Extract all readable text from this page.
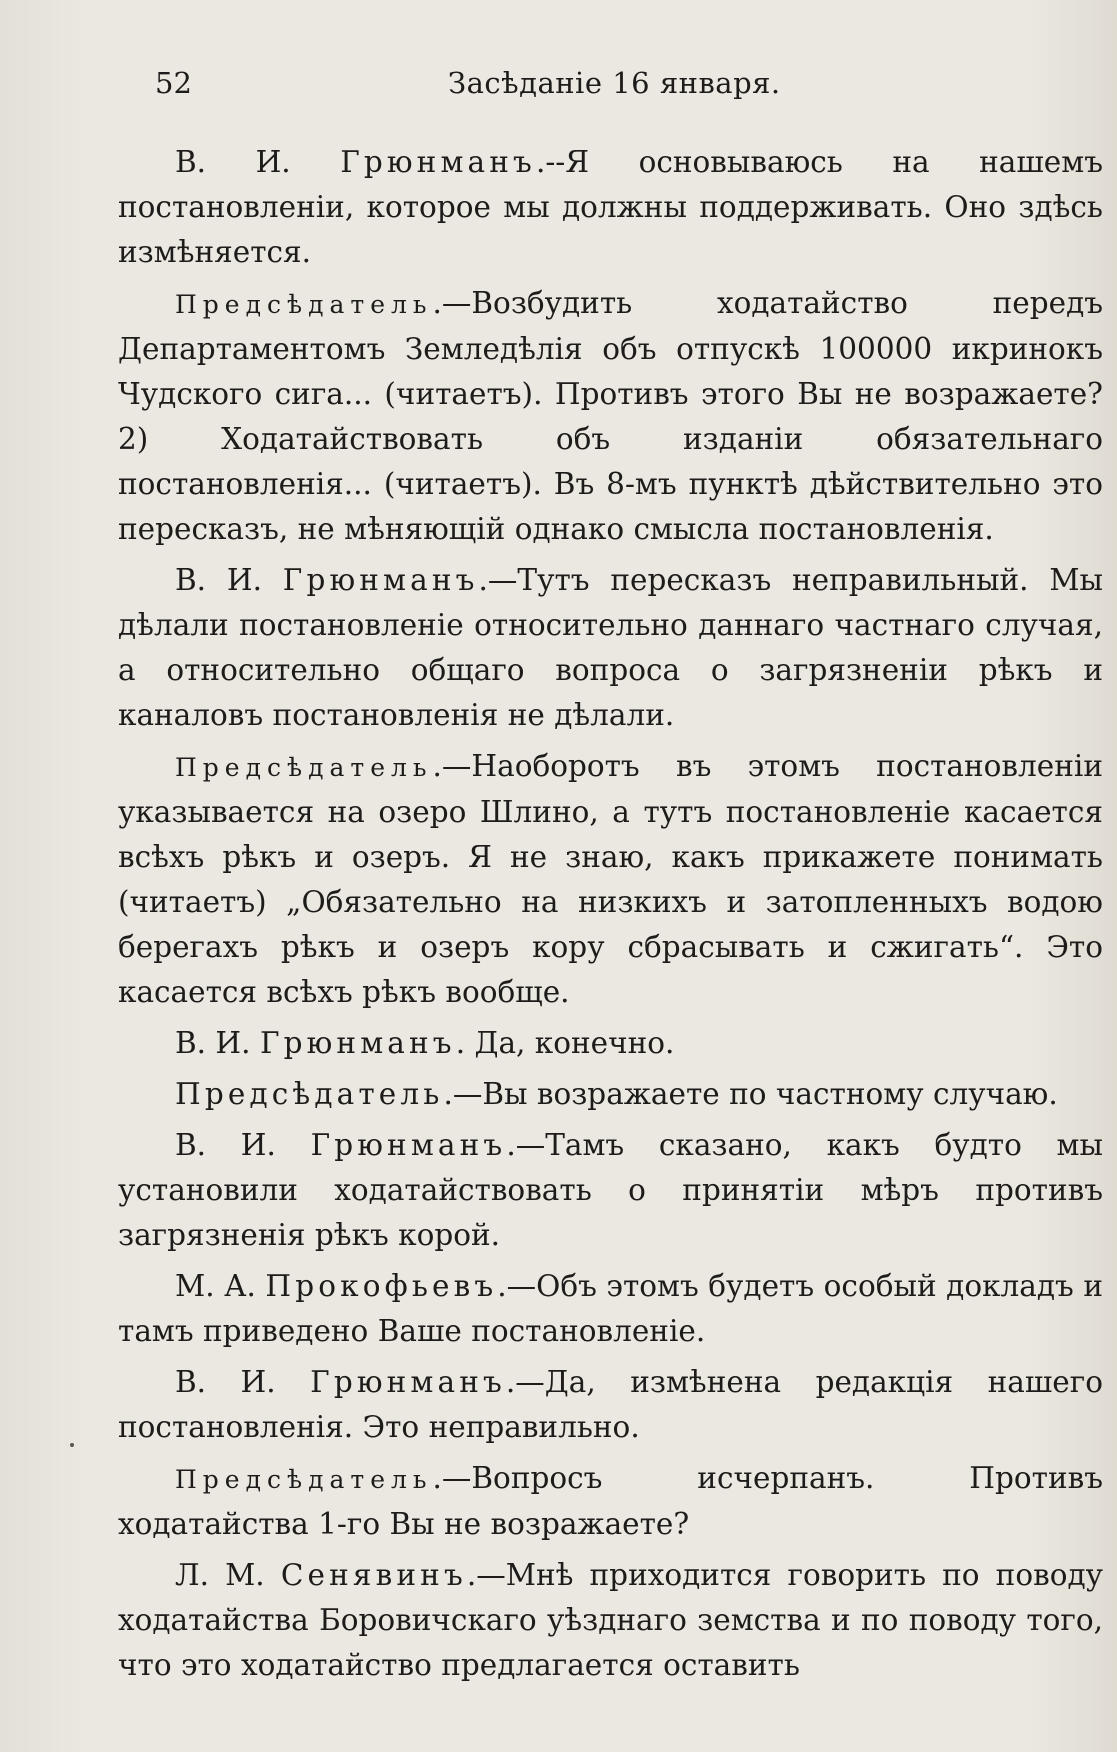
52	Засѣданіе 16 января.

В. И. Грюнманъ.--Я основываюсь на нашемъ постановленіи, которое мы должны поддерживать. Оно здѣсь измѣняется.

Предсѣдатель.—Возбудить ходатайство передъ Департаментомъ Земледѣлія объ отпускѣ 100000 икринокъ Чудского сига... (читаетъ). Противъ этого Вы не возражаете? 2) Ходатайствовать объ изданіи обязательнаго постановленія... (читаетъ). Въ 8-мъ пунктѣ дѣйствительно это пересказъ, не мѣняющій однако смысла постановленія.

В. И. Грюнманъ.—Тутъ пересказъ неправильный. Мы дѣлали постановленіе относительно даннаго частнаго случая, а относительно общаго вопроса о загрязненіи рѣкъ и каналовъ постановленія не дѣлали.

Предсѣдатель.—Наоборотъ въ этомъ постановленіи указывается на озеро Шлино, а тутъ постановленіе касается всѣхъ рѣкъ и озеръ. Я не знаю, какъ прикажете понимать (читаетъ) „Обязательно на низкихъ и затопленныхъ водою берегахъ рѣкъ и озеръ кору сбрасывать и сжигать“. Это касается всѣхъ рѣкъ вообще.

В. И. Грюнманъ. Да, конечно.

Предсѣдатель.—Вы возражаете по частному случаю.

В. И. Грюнманъ.—Тамъ сказано, какъ будто мы установили ходатайствовать о принятіи мѣръ противъ загрязненія рѣкъ корой.

М. А. Прокофьевъ.—Объ этомъ будетъ особый докладъ и тамъ приведено Ваше постановленіе.

В. И. Грюнманъ.—Да, измѣнена редакція нашего постановленія. Это неправильно.

Предсѣдатель.—Вопросъ исчерпанъ. Противъ ходатайства 1-го Вы не возражаете?

Л. М. Сенявинъ.—Мнѣ приходится говорить по поводу ходатайства Боровичскаго уѣзднаго земства и по поводу того, что это ходатайство предлагается оставить
